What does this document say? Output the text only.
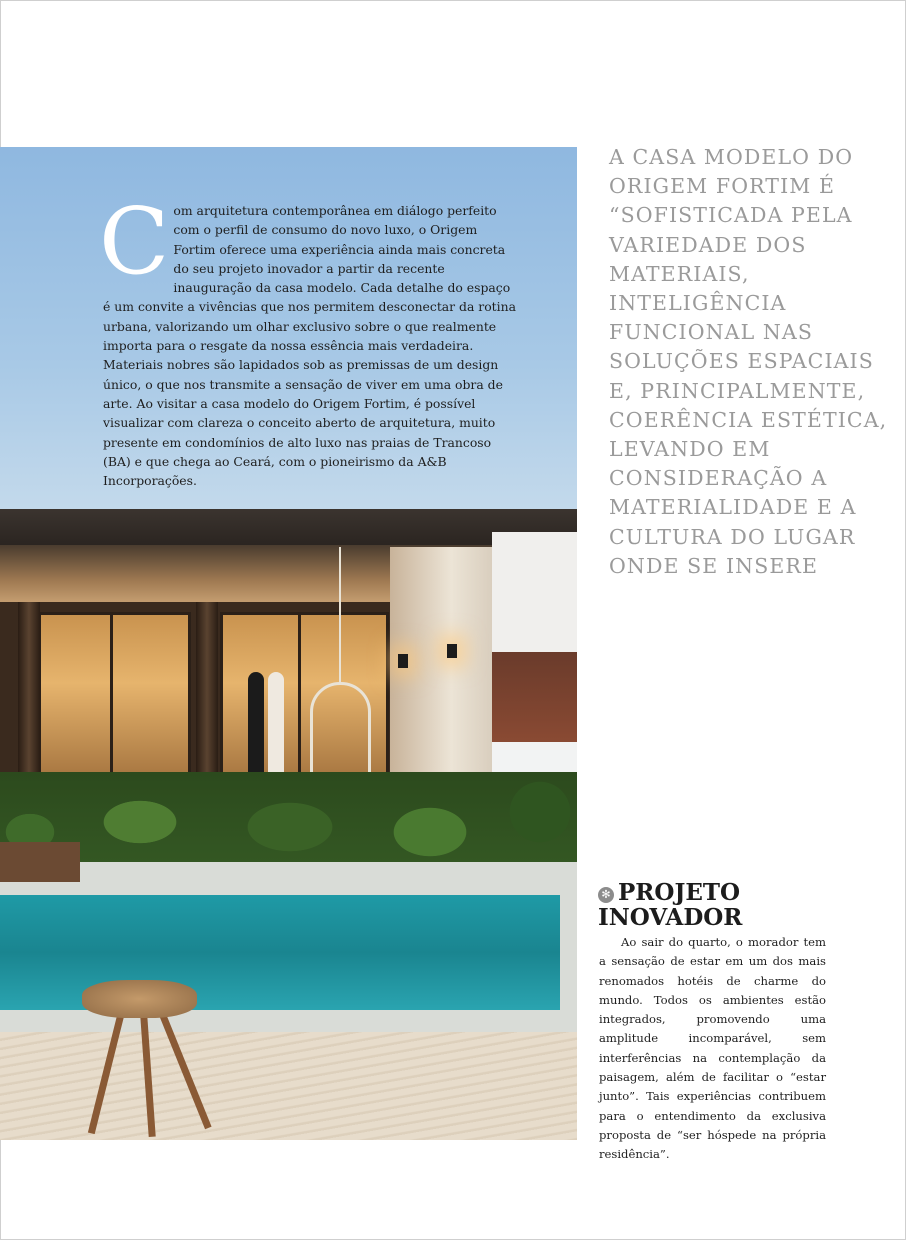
Com arquitetura contemporânea em diálogo perfeito com o perfil de consumo do novo luxo, o Origem Fortim oferece uma experiência ainda mais concreta do seu projeto inovador a partir da recente inauguração da casa modelo. Cada detalhe do espaço é um convite a vivências que nos permitem desconectar da rotina urbana, valorizando um olhar exclusivo sobre o que realmente importa para o resgate da nossa essência mais verdadeira. Materiais nobres são lapidados sob as premissas de um design único, o que nos transmite a sensação de viver em uma obra de arte. Ao visitar a casa modelo do Origem Fortim, é possível visualizar com clareza o conceito aberto de arquitetura, muito presente em condomínios de alto luxo nas praias de Trancoso (BA) e que chega ao Ceará, com o pioneirismo da A&B Incorporações.

A CASA MODELO DO ORIGEM FORTIM É “SOFISTICADA PELA VARIEDADE DOS MATERIAIS, INTELIGÊNCIA FUNCIONAL NAS SOLUÇÕES ESPACIAIS E, PRINCIPALMENTE, COERÊNCIA ESTÉTICA, LEVANDO EM CONSIDERAÇÃO A MATERIALIDADE E A CULTURA DO LUGAR ONDE SE INSERE

✻ PROJETO INOVADOR

Ao sair do quarto, o morador tem a sensação de estar em um dos mais renomados hotéis de charme do mundo. Todos os ambientes estão integrados, promovendo uma amplitude incomparável, sem interferências na contemplação da paisagem, além de facilitar o “estar junto”. Tais experiências contribuem para o entendimento da exclusiva proposta de “ser hóspede na própria residência”.
